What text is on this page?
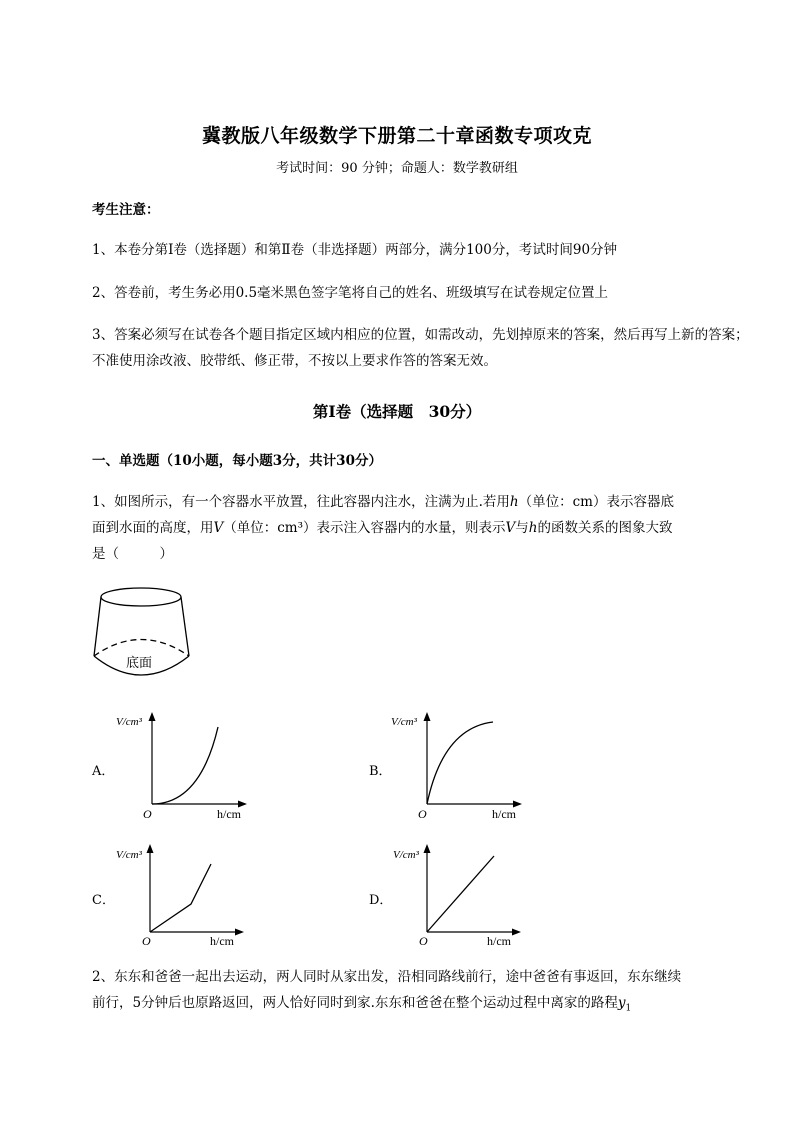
冀教版八年级数学下册第二十章函数专项攻克
考试时间：90 分钟；命题人：数学教研组
考生注意：
1、本卷分第Ⅰ卷（选择题）和第Ⅱ卷（非选择题）两部分，满分100分，考试时间90分钟
2、答卷前，考生务必用0.5毫米黑色签字笔将自己的姓名、班级填写在试卷规定位置上
3、答案必须写在试卷各个题目指定区域内相应的位置，如需改动，先划掉原来的答案，然后再写上新的答案；不准使用涂改液、胶带纸、修正带，不按以上要求作答的答案无效。
第Ⅰ卷（选择题　30分）
一、单选题（10小题，每小题3分，共计30分）
1、如图所示，有一个容器水平放置，往此容器内注水，注满为止.若用h（单位：cm）表示容器底
面到水面的高度，用V（单位：cm³）表示注入容器内的水量，则表示V与h的函数关系的图象大致
是（　　　）
底面
A．
V/cm³
O	h/cm
B．
V/cm³
O	h/cm
C．
V/cm³
O	h/cm
D．
V/cm³
O	h/cm
2、东东和爸爸一起出去运动，两人同时从家出发，沿相同路线前行，途中爸爸有事返回，东东继续
前行，5分钟后也原路返回，两人恰好同时到家.东东和爸爸在整个运动过程中离家的路程$y_1$
